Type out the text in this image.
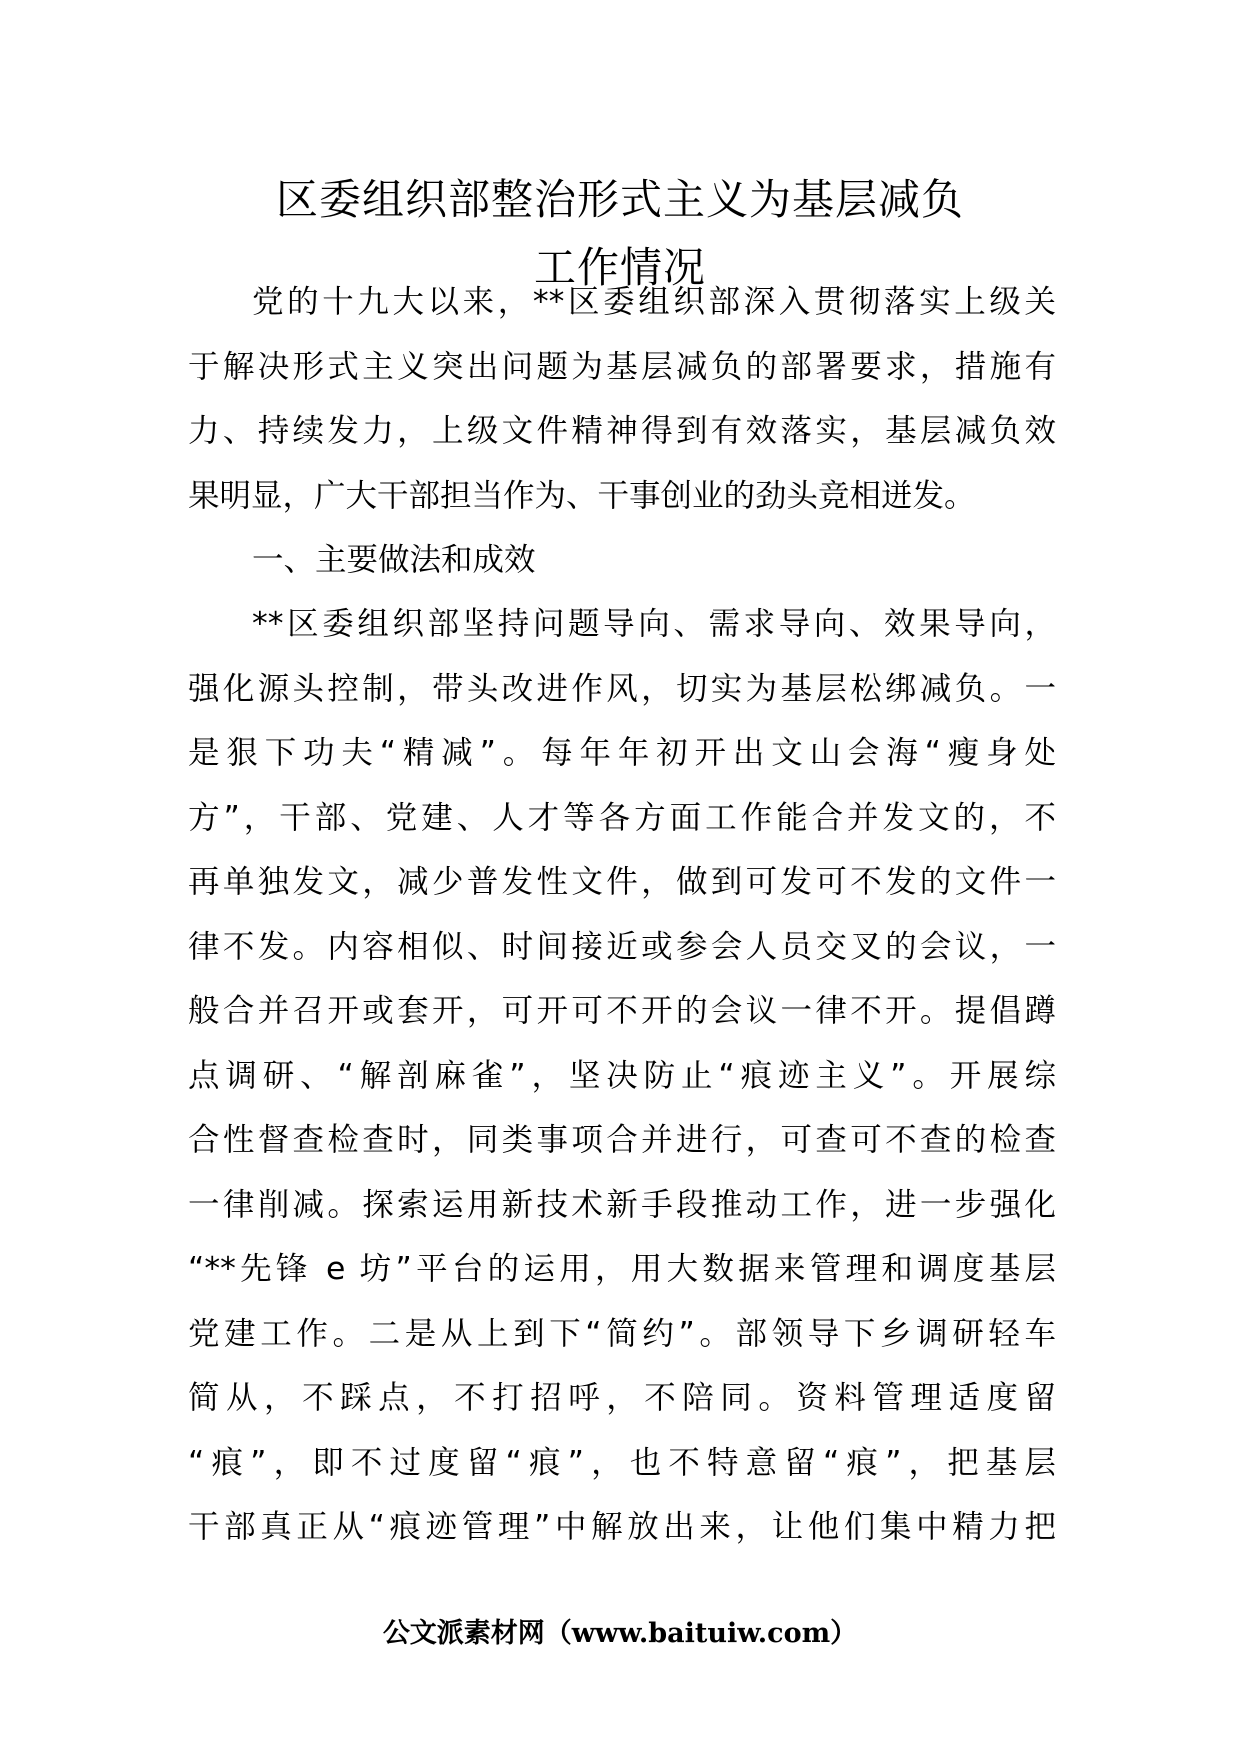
区委组织部整治形式主义为基层减负
工作情况
党的十九大以来，**区委组织部深入贯彻落实上级关
于解决形式主义突出问题为基层减负的部署要求，措施有
力、持续发力，上级文件精神得到有效落实，基层减负效
果明显，广大干部担当作为、干事创业的劲头竞相迸发。
一、主要做法和成效
**区委组织部坚持问题导向、需求导向、效果导向，
强化源头控制，带头改进作风，切实为基层松绑减负。一
是狠下功夫“精减”。每年年初开出文山会海“瘦身处
方”，干部、党建、人才等各方面工作能合并发文的，不
再单独发文，减少普发性文件，做到可发可不发的文件一
律不发。内容相似、时间接近或参会人员交叉的会议，一
般合并召开或套开，可开可不开的会议一律不开。提倡蹲
点调研、“解剖麻雀”，坚决防止“痕迹主义”。开展综
合性督查检查时，同类事项合并进行，可查可不查的检查
一律削减。探索运用新技术新手段推动工作，进一步强化
“**先锋 e 坊”平台的运用，用大数据来管理和调度基层
党建工作。二是从上到下“简约”。部领导下乡调研轻车
简从，不踩点，不打招呼，不陪同。资料管理适度留
“痕”，即不过度留“痕”，也不特意留“痕”，把基层
干部真正从“痕迹管理”中解放出来，让他们集中精力把
公文派素材网（www.baituiw.com）
